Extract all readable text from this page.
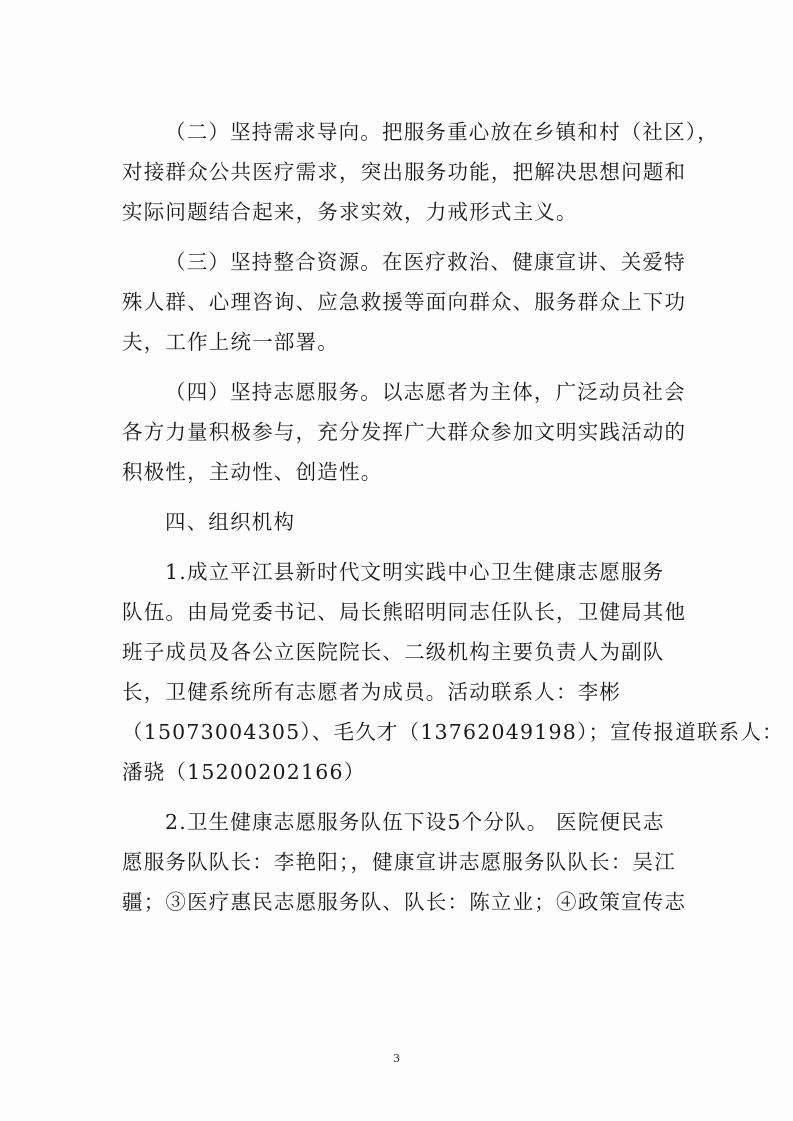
（二）坚持需求导向。把服务重心放在乡镇和村（社区），
对接群众公共医疗需求，突出服务功能，把解决思想问题和
实际问题结合起来，务求实效，力戒形式主义。

（三）坚持整合资源。在医疗救治、健康宣讲、关爱特
殊人群、心理咨询、应急救援等面向群众、服务群众上下功
夫，工作上统一部署。

（四）坚持志愿服务。以志愿者为主体，广泛动员社会
各方力量积极参与，充分发挥广大群众参加文明实践活动的
积极性，主动性、创造性。

四、组织机构

1.成立平江县新时代文明实践中心卫生健康志愿服务
队伍。由局党委书记、局长熊昭明同志任队长，卫健局其他
班子成员及各公立医院院长、二级机构主要负责人为副队
长，卫健系统所有志愿者为成员。活动联系人：李彬
（15073004305）、毛久才（13762049198）；宣传报道联系人：
潘骁（15200202166）

2.卫生健康志愿服务队伍下设5个分队。 医院便民志
愿服务队队长：李艳阳；，健康宣讲志愿服务队队长：吴江
疆；③医疗惠民志愿服务队、队长：陈立业；④政策宣传志

3
